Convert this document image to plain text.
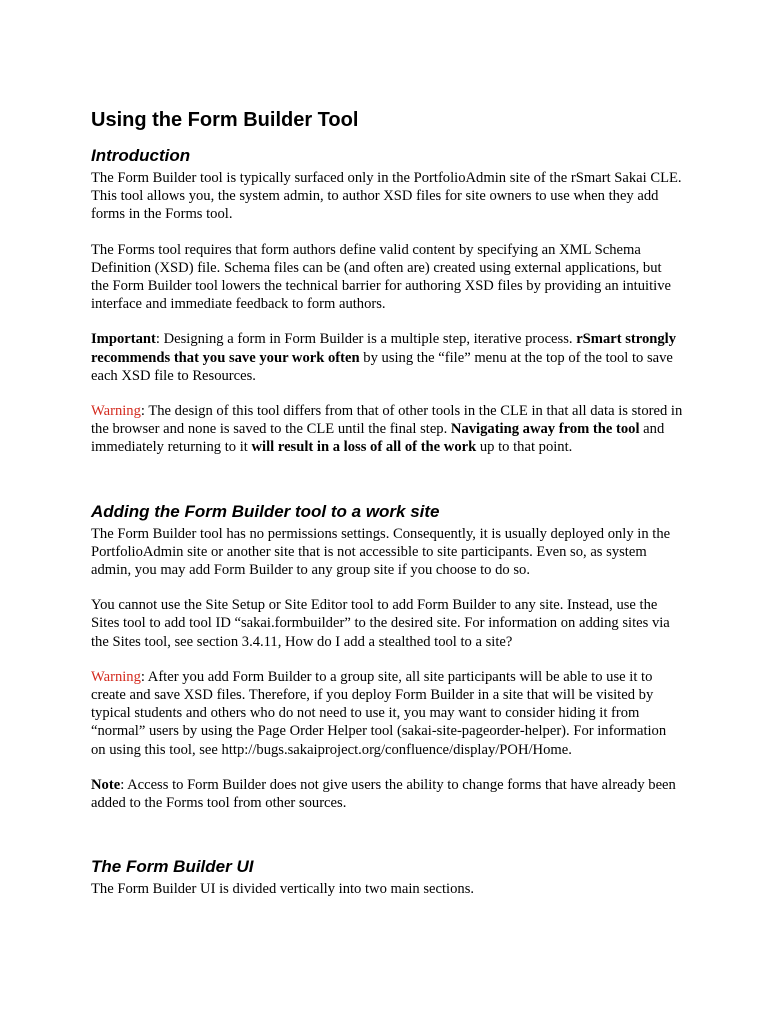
Using the Form Builder Tool
Introduction

The Form Builder tool is typically surfaced only in the PortfolioAdmin site of the rSmart Sakai CLE. This tool allows you, the system admin, to author XSD files for site owners to use when they add forms in the Forms tool.

The Forms tool requires that form authors define valid content by specifying an XML Schema Definition (XSD) file. Schema files can be (and often are) created using external applications, but the Form Builder tool lowers the technical barrier for authoring XSD files by providing an intuitive interface and immediate feedback to form authors.

Important: Designing a form in Form Builder is a multiple step, iterative process. rSmart strongly recommends that you save your work often by using the “file” menu at the top of the tool to save each XSD file to Resources.

Warning: The design of this tool differs from that of other tools in the CLE in that all data is stored in the browser and none is saved to the CLE until the final step. Navigating away from the tool and immediately returning to it will result in a loss of all of the work up to that point.

Adding the Form Builder tool to a work site

The Form Builder tool has no permissions settings. Consequently, it is usually deployed only in the PortfolioAdmin site or another site that is not accessible to site participants. Even so, as system admin, you may add Form Builder to any group site if you choose to do so.

You cannot use the Site Setup or Site Editor tool to add Form Builder to any site. Instead, use the Sites tool to add tool ID “sakai.formbuilder” to the desired site. For information on adding sites via the Sites tool, see section 3.4.11, How do I add a stealthed tool to a site?

Warning: After you add Form Builder to a group site, all site participants will be able to use it to create and save XSD files. Therefore, if you deploy Form Builder in a site that will be visited by typical students and others who do not need to use it, you may want to consider hiding it from “normal” users by using the Page Order Helper tool (sakai-site-pageorder-helper). For information on using this tool, see http://bugs.sakaiproject.org/confluence/display/POH/Home.

Note: Access to Form Builder does not give users the ability to change forms that have already been added to the Forms tool from other sources.

The Form Builder UI

The Form Builder UI is divided vertically into two main sections.
